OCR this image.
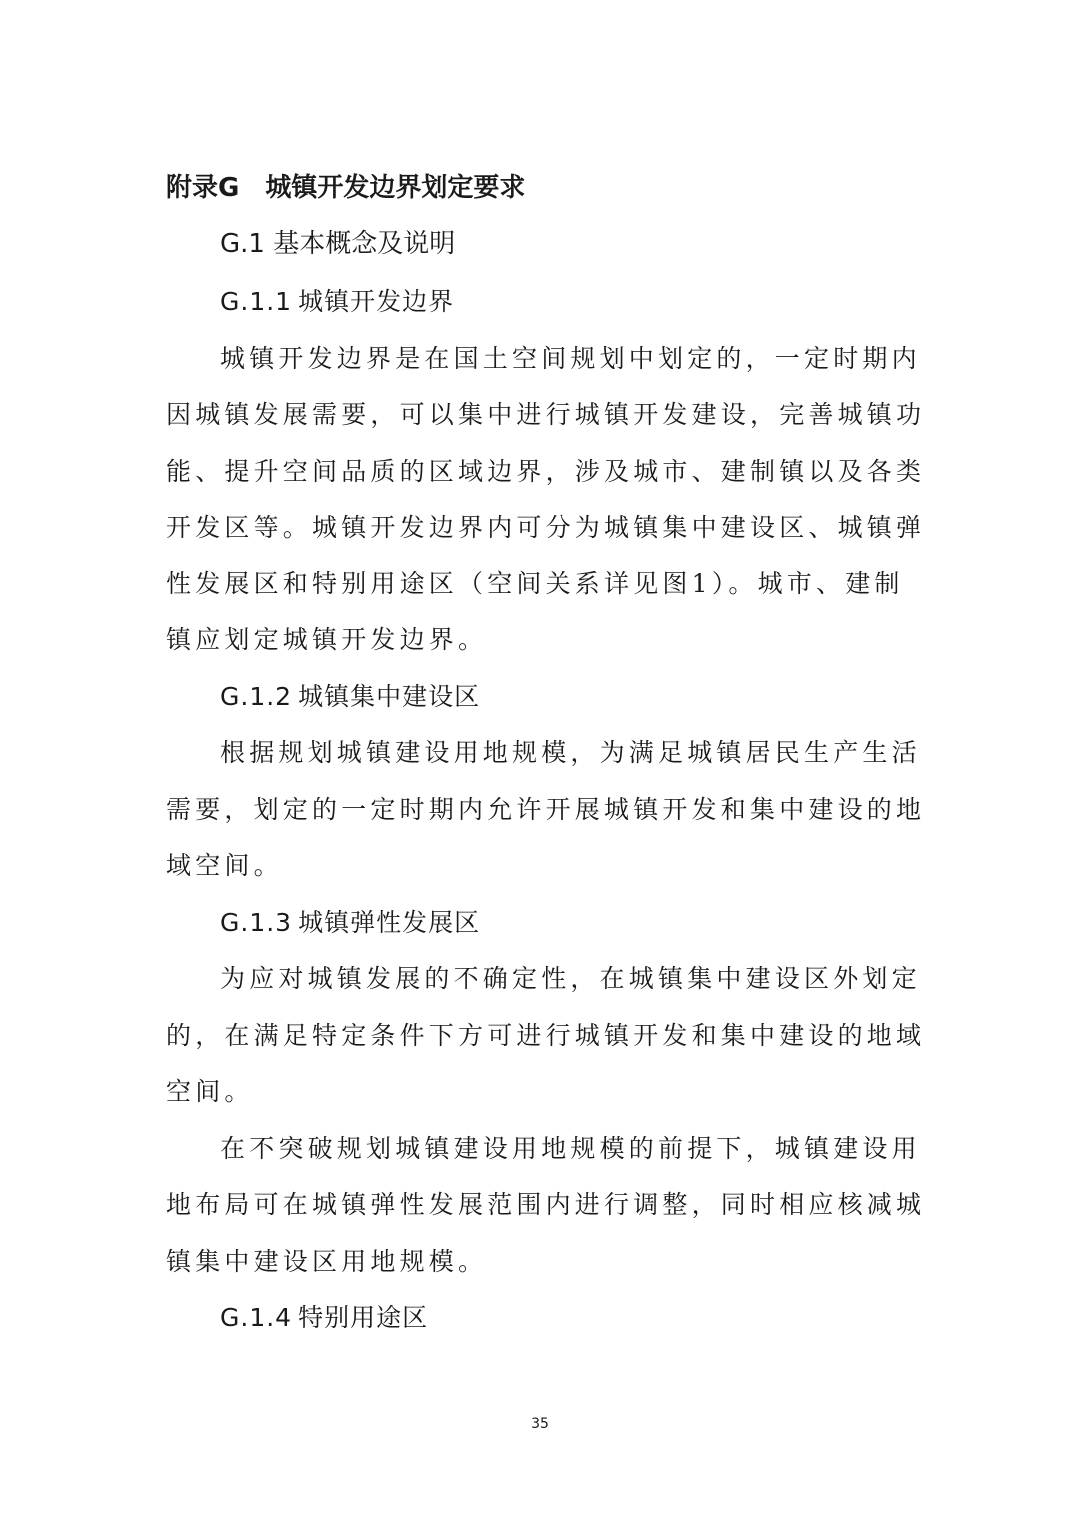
附录G 城镇开发边界划定要求
G.1 基本概念及说明
G.1.1 城镇开发边界
城镇开发边界是在国土空间规划中划定的，一定时期内
因城镇发展需要，可以集中进行城镇开发建设，完善城镇功
能、提升空间品质的区域边界，涉及城市、建制镇以及各类
开发区等。城镇开发边界内可分为城镇集中建设区、城镇弹
性发展区和特别用途区（空间关系详见图1）。城市、建制
镇应划定城镇开发边界。
G.1.2 城镇集中建设区
根据规划城镇建设用地规模，为满足城镇居民生产生活
需要，划定的一定时期内允许开展城镇开发和集中建设的地
域空间。
G.1.3 城镇弹性发展区
为应对城镇发展的不确定性，在城镇集中建设区外划定
的，在满足特定条件下方可进行城镇开发和集中建设的地域
空间。
在不突破规划城镇建设用地规模的前提下，城镇建设用
地布局可在城镇弹性发展范围内进行调整，同时相应核减城
镇集中建设区用地规模。
G.1.4 特别用途区
35
